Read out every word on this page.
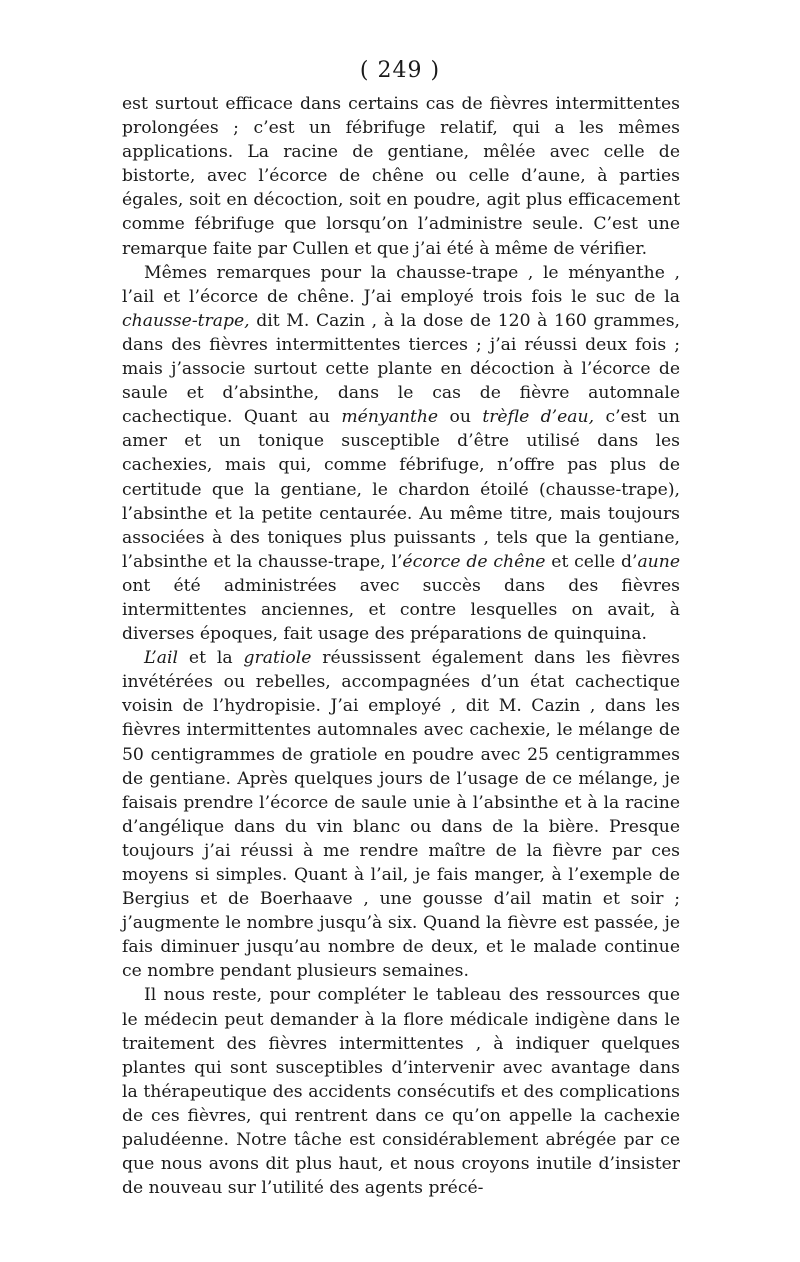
( 249 )

est surtout efficace dans certains cas de fièvres intermittentes prolongées ; c’est un fébrifuge relatif, qui a les mêmes applications. La racine de gentiane, mêlée avec celle de bistorte, avec l’écorce de chêne ou celle d’aune, à parties égales, soit en décoction, soit en poudre, agit plus efficacement comme fébrifuge que lorsqu’on l’administre seule. C’est une remarque faite par Cullen et que j’ai été à même de vérifier.

Mêmes remarques pour la chausse-trape , le ményanthe , l’ail et l’écorce de chêne. J’ai employé trois fois le suc de la chausse-trape, dit M. Cazin , à la dose de 120 à 160 grammes, dans des fièvres intermittentes tierces ; j’ai réussi deux fois ; mais j’associe surtout cette plante en décoction à l’écorce de saule et d’absinthe, dans le cas de fièvre automnale cachectique. Quant au ményanthe ou trèfle d’eau, c’est un amer et un tonique susceptible d’être utilisé dans les cachexies, mais qui, comme fébrifuge, n’offre pas plus de certitude que la gentiane, le chardon étoilé (chausse-trape), l’absinthe et la petite centaurée. Au même titre, mais toujours associées à des toniques plus puissants , tels que la gentiane, l’absinthe et la chausse-trape, l’écorce de chêne et celle d’aune ont été administrées avec succès dans des fièvres intermittentes anciennes, et contre lesquelles on avait, à diverses époques, fait usage des préparations de quinquina.

L’ail et la gratiole réussissent également dans les fièvres invétérées ou rebelles, accompagnées d’un état cachectique voisin de l’hydropisie. J’ai employé , dit M. Cazin , dans les fièvres intermittentes automnales avec cachexie, le mélange de 50 centigrammes de gratiole en poudre avec 25 centigrammes de gentiane. Après quelques jours de l’usage de ce mélange, je faisais prendre l’écorce de saule unie à l’absinthe et à la racine d’angélique dans du vin blanc ou dans de la bière. Presque toujours j’ai réussi à me rendre maître de la fièvre par ces moyens si simples. Quant à l’ail, je fais manger, à l’exemple de Bergius et de Boerhaave , une gousse d’ail matin et soir ; j’augmente le nombre jusqu’à six. Quand la fièvre est passée, je fais diminuer jusqu’au nombre de deux, et le malade continue ce nombre pendant plusieurs semaines.

Il nous reste, pour compléter le tableau des ressources que le médecin peut demander à la flore médicale indigène dans le traitement des fièvres intermittentes , à indiquer quelques plantes qui sont susceptibles d’intervenir avec avantage dans la thérapeutique des accidents consécutifs et des complications de ces fièvres, qui rentrent dans ce qu’on appelle la cachexie paludéenne. Notre tâche est considérablement abrégée par ce que nous avons dit plus haut, et nous croyons inutile d’insister de nouveau sur l’utilité des agents précé-
